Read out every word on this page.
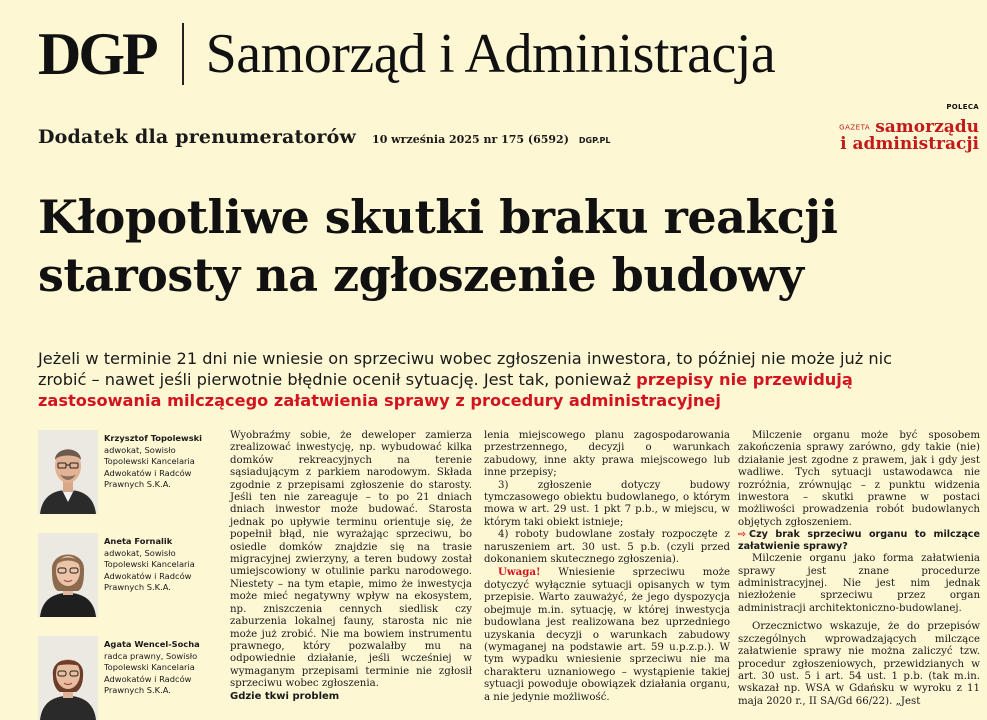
DGP Samorząd i Administracja
Dodatek dla prenumeratorów 10 września 2025 nr 175 (6592) DGP.PL
POLECA
GAZETA samorządu
i administracji
Kłopotliwe skutki braku reakcji
starosty na zgłoszenie budowy

Jeżeli w terminie 21 dni nie wniesie on sprzeciwu wobec zgłoszenia inwestora, to później nie może już nic zrobić – nawet jeśli pierwotnie błędnie ocenił sytuację. Jest tak, ponieważ przepisy nie przewidują zastosowania milczącego załatwienia sprawy z procedury administracyjnej

Krzysztof Topolewski
adwokat, Sowisło
Topolewski Kancelaria
Adwokatów i Radców
Prawnych S.K.A.
Aneta Fornalik
adwokat, Sowisło
Topolewski Kancelaria
Adwokatów i Radców
Prawnych S.K.A.
Agata Wencel-Socha
radca prawny, Sowisło
Topolewski Kancelaria
Adwokatów i Radców
Prawnych S.K.A.

Wyobraźmy sobie, że deweloper zamierza zrealizować inwestycję, np. wybudować kilka domków rekreacyjnych na terenie sąsiadującym z parkiem narodowym. Składa zgodnie z przepisami zgłoszenie do starosty. Jeśli ten nie zareaguje – to po 21 dniach dniach inwestor może budować. Starosta jednak po upływie terminu orientuje się, że popełnił błąd, nie wyrażając sprzeciwu, bo osiedle domków znajdzie się na trasie migracyjnej zwierzyny, a teren budowy został umiejscowiony w otulinie parku narodowego. Niestety – na tym etapie, mimo że inwestycja może mieć negatywny wpływ na ekosystem, np. zniszczenia cennych siedlisk czy zaburzenia lokalnej fauny, starosta nic nie może już zrobić. Nie ma bowiem instrumentu prawnego, który pozwalałby mu na odpowiednie działanie, jeśli wcześniej w wymaganym przepisami terminie nie zgłosił sprzeciwu wobec zgłoszenia.

Gdzie tkwi problem

lenia miejscowego planu zagospodarowania przestrzennego, decyzji o warunkach zabudowy, inne akty prawa miejscowego lub inne przepisy;

3) zgłoszenie dotyczy budowy tymczasowego obiektu budowlanego, o którym mowa w art. 29 ust. 1 pkt 7 p.b., w miejscu, w którym taki obiekt istnieje;

4) roboty budowlane zostały rozpoczęte z naruszeniem art. 30 ust. 5 p.b. (czyli przed dokonaniem skutecznego zgłoszenia).

Uwaga! Wniesienie sprzeciwu może dotyczyć wyłącznie sytuacji opisanych w tym przepisie. Warto zauważyć, że jego dyspozycja obejmuje m.in. sytuację, w której inwestycja budowlana jest realizowana bez uprzedniego uzyskania decyzji o warunkach zabudowy (wymaganej na podstawie art. 59 u.p.z.p.). W tym wypadku wniesienie sprzeciwu nie ma charakteru uznaniowego – wystąpienie takiej sytuacji powoduje obowiązek działania organu, a nie jedynie możliwość.

Milczenie organu może być sposobem zakończenia sprawy zarówno, gdy takie (nie) działanie jest zgodne z prawem, jak i gdy jest wadliwe. Tych sytuacji ustawodawca nie rozróżnia, zrównując – z punktu widzenia inwestora – skutki prawne w postaci możliwości prowadzenia robót budowlanych objętych zgłoszeniem.

⇨ Czy brak sprzeciwu organu to milczące załatwienie sprawy?

Milczenie organu jako forma załatwienia sprawy jest znane procedurze administracyjnej. Nie jest nim jednak niezłożenie sprzeciwu przez organ administracji architektoniczno-budowlanej.

Orzecznictwo wskazuje, że do przepisów szczególnych wprowadzających milczące załatwienie sprawy nie można zaliczyć tzw. procedur zgłoszeniowych, przewidzianych w art. 30 ust. 5 i art. 54 ust. 1 p.b. (tak m.in. wskazał np. WSA w Gdańsku w wyroku z 11 maja 2020 r., II SA/Gd 66/22). „Jest
